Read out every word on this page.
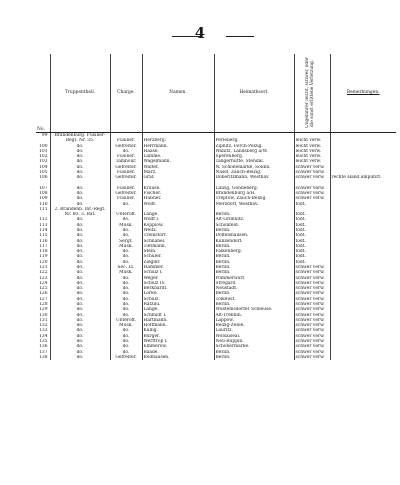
4
No.	Truppentheil.	Charge.	Namen.	Heimathsort.	Ungefährer leicht, schwer, oder die sonst erlittene Verletzung.	Bemerkungen.
99	Brandenburg. Füsilier-					
	Regt. Nr. 35.	Füsilier.	Herzberg.	Perleberg.	leicht verw.	
100	do.	Gefreiter.	Herrmann.	Zipnitz, Forch-Pelzig.	leicht verw.	
101	do.	do.	Haase.	Wanitz, Landsberg a/W.	leicht verw.	
102	do.	Füsilier.	Lamme.	Sperenberg.	leicht verw.	
103	do.	Tambour.	Wagelmann.	Tangerhütte, Stendal.	leicht verw.	
104	do.	Gefreiter.	Walter.	N. Schönemarke, Soldin.	schwer verw.	
105	do.	Füsilier.	Marz.	Näsel, Zauch-Belzig.	schwer verw.	
106	do.	Gefreiter.	Graf.	Döberitzmann, Westhav.	schwer verw.	rechte Hand amputirt.

107	do.	Füsilier.	Krause.	Linzig, Gohneberg.	schwer verw.	
108	do.	Gefreiter.	Fischer.	Brandenburg a/H.	schwer verw.	
109	do.	Füsilier.	Hübner.	Treptow, Zauch-Belzig.	schwer verw.	
110	do.	do.	Wolff.	Merzdorf, Westhav.	todt.	
111	2. Brandenb. Inf.-Regt.					
	Nr. 60. 3. Bat.	Unteroff.	Lange.	Berlin.	todt.	
112	do.	do.	Wolff I.	Alt-Grimnitz.	todt.	
113	do.	Musk.	Kopplow.	Schönfeld.	todt.	
114	do.	do.	Weitz.	Berlin.	todt.	
115	do.	do.	Treinstorf.	Doffelshausen.	todt.	
116	do.	Sergt.	Schnabel.	Kunzendorf.	todt.	
117	do.	Musk.	Tietmann.	Berlin.	todt.	
118	do.	do.	Stein.	Falkenberg.	todt.	
119	do.	do.	Schüler.	Berlin.	todt.	
120	do.	do.	Ziegler.	Berlin.	todt.	
121	do.	Sec. Lt.	Hammer.	Berlin.	schwer verw.	
122	do.	Musk.	Schulz I.	Berlin.	schwer verw.	
123	do.	do.	Weger.	Pommerwarf.	schwer verw.	
124	do.	do.	Schulz IV.	Stregard.	schwer verw.	
125	do.	do.	Berkhardt.	Neustadt.	schwer verw.	
126	do.	do.	Lorke.	Berlin.	schwer verw.	
127	do.	do.	Schulz.	Tolkewit.	schwer verw.	
128	do.	do.	Ratzau.	Berlin.	schwer verw.	
129	do.	do.	Lange.	Wüstemsdorfer Schleuse.	schwer verw.	
130	do.	do.	Schmidt I.	Alt-Trebbin.	schwer verw.	
131	do.	Unteroff.	Hartmann.	Lappow.	schwer verw.	
132	do.	Musk.	Hoffmann.	Belzig-Zehle.	schwer verw.	
133	do.	do.	Kullig.	Lauritz.	schwer verw.	
134	do.	do.	Bürger.	Wolsaiseal.	schwer verw.	
135	do.	do.	Werftrop I.	Neu-Ruppin.	schwer verw.	
136	do.	do.	Emmerow.	Schönermärke.	schwer verw.	
137	do.	do.	Baade.	Berlin.	schwer verw.	
138	do.	Gefreiter.	Bodhausen.	Berlin.	schwer verw.	
